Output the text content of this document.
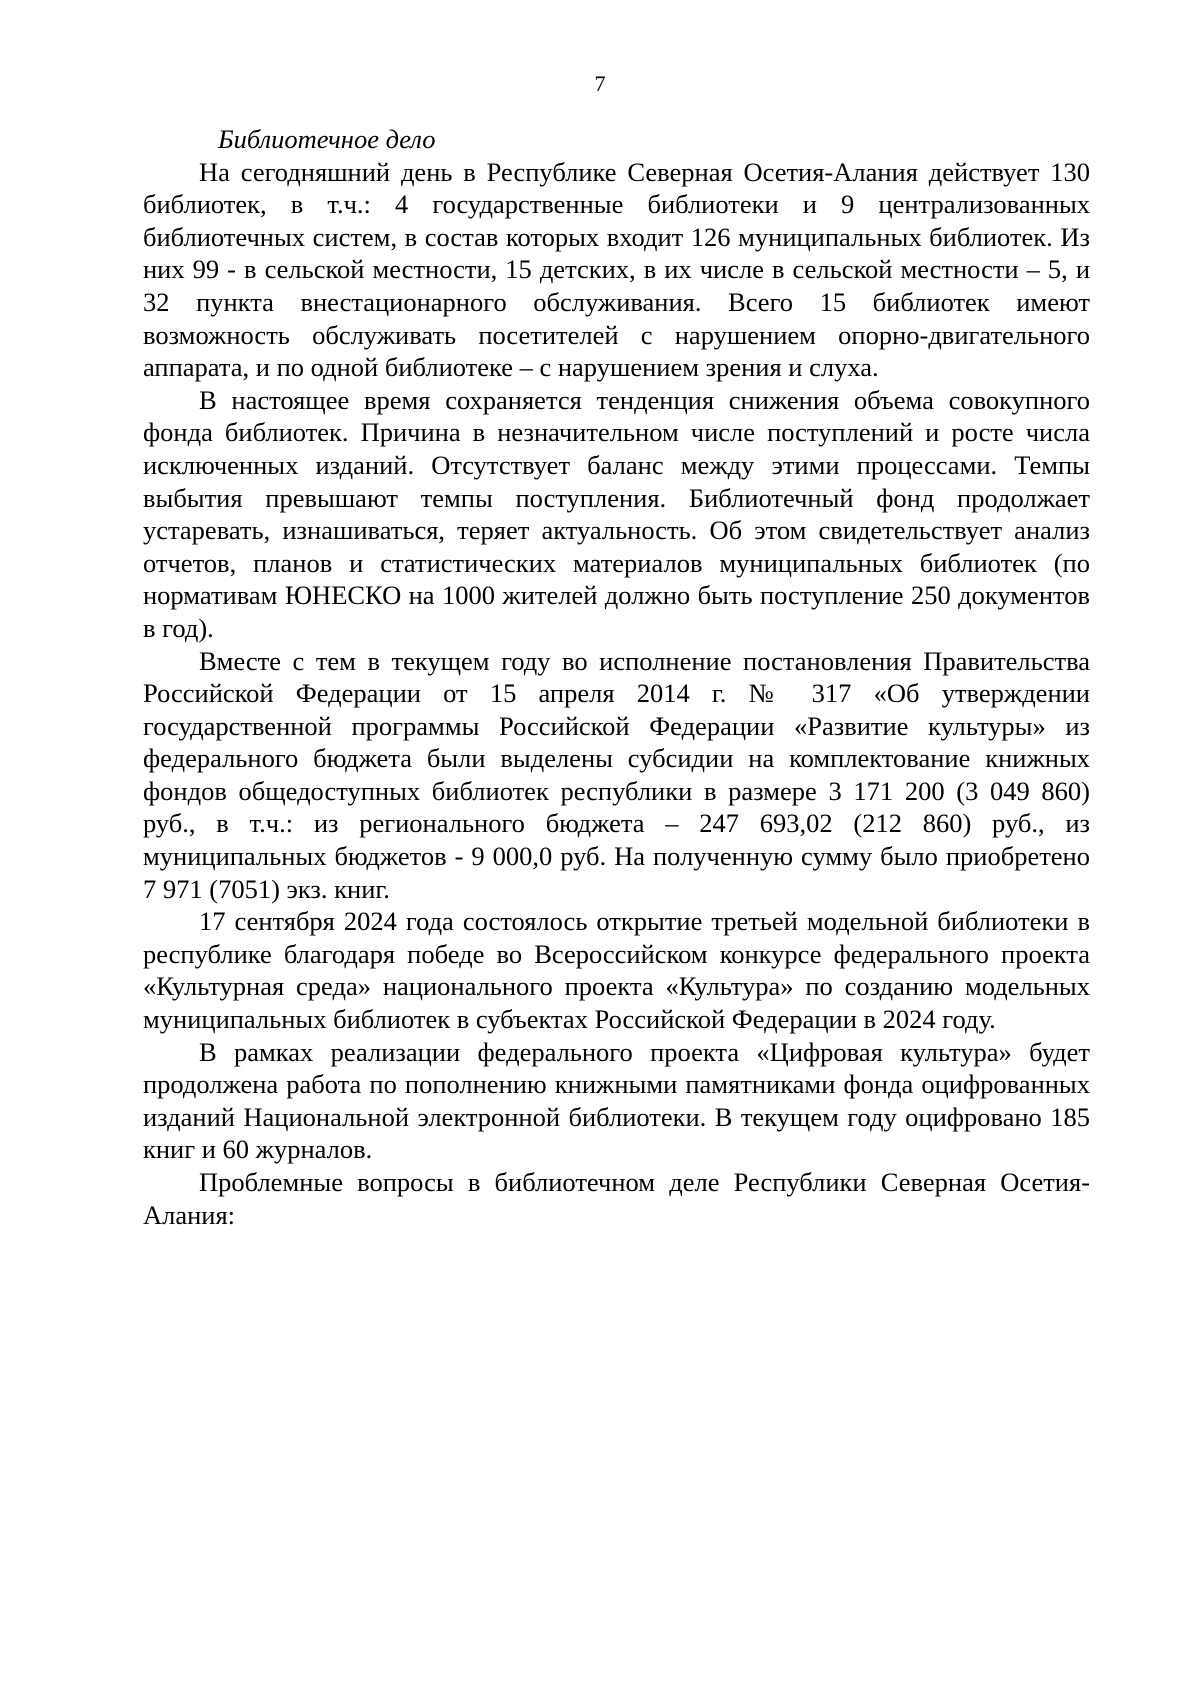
7

Библиотечное дело

На сегодняшний день в Республике Северная Осетия-Алания действует 130 библиотек, в т.ч.: 4 государственные библиотеки и 9 централизованных библиотечных систем, в состав которых входит 126 муниципальных библиотек. Из них 99 - в сельской местности, 15 детских, в их числе в сельской местности – 5, и 32 пункта внестационарного обслуживания. Всего 15 библиотек имеют возможность обслуживать посетителей с нарушением опорно-двигательного аппарата, и по одной библиотеке – с нарушением зрения и слуха.

В настоящее время сохраняется тенденция снижения объема совокупного фонда библиотек. Причина в незначительном числе поступлений и росте числа исключенных изданий. Отсутствует баланс между этими процессами. Темпы выбытия превышают темпы поступления. Библиотечный фонд продолжает устаревать, изнашиваться, теряет актуальность. Об этом свидетельствует анализ отчетов, планов и статистических материалов муниципальных библиотек (по нормативам ЮНЕСКО на 1000 жителей должно быть поступление 250 документов в год).

Вместе с тем в текущем году во исполнение постановления Правительства Российской Федерации от 15 апреля 2014 г. № 317 «Об утверждении государственной программы Российской Федерации «Развитие культуры» из федерального бюджета были выделены субсидии на комплектование книжных фондов общедоступных библиотек республики в размере 3 171 200 (3 049 860) руб., в т.ч.: из регионального бюджета – 247 693,02 (212 860) руб., из муниципальных бюджетов - 9 000,0 руб. На полученную сумму было приобретено 7 971 (7051) экз. книг.

17 сентября 2024 года состоялось открытие третьей модельной библиотеки в республике благодаря победе во Всероссийском конкурсе федерального проекта «Культурная среда» национального проекта «Культура» по созданию модельных муниципальных библиотек в субъектах Российской Федерации в 2024 году.

В рамках реализации федерального проекта «Цифровая культура» будет продолжена работа по пополнению книжными памятниками фонда оцифрованных изданий Национальной электронной библиотеки. В текущем году оцифровано 185 книг и 60 журналов.

Проблемные вопросы в библиотечном деле Республики Северная Осетия-Алания:
